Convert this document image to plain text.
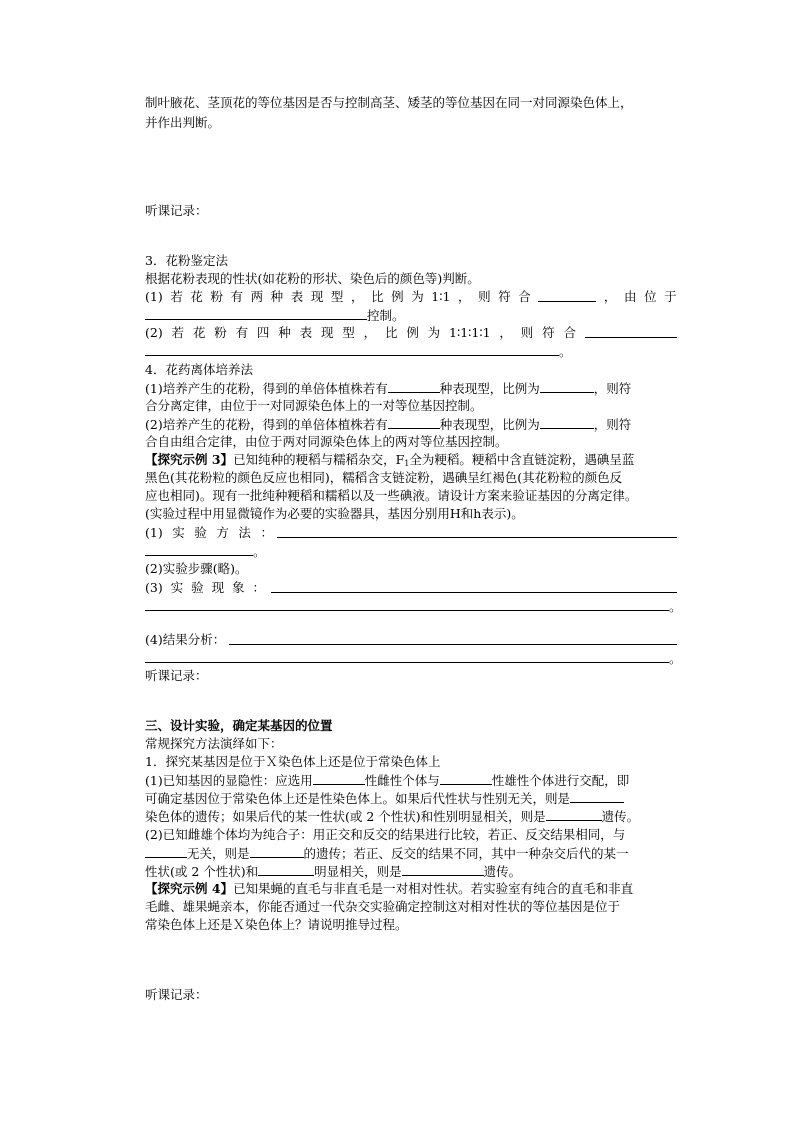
制叶腋花、茎顶花的等位基因是否与控制高茎、矮茎的等位基因在同一对同源染色体上，
并作出判断。
听课记录：
3．花粉鉴定法
根据花粉表现的性状(如花粉的形状、染色后的颜色等)判断。
(1) 若 花 粉 有 两 种 表 现 型 ， 比 例 为 1∶1 ， 则 符 合	， 由 位 于
控制。
(2) 若 花 粉 有 四 种 表 现 型 ， 比 例 为 1∶1∶1∶1 ， 则 符 合
。
4．花药离体培养法
(1)培养产生的花粉，得到的单倍体植株若有	种表现型，比例为	，则符
合分离定律，由位于一对同源染色体上的一对等位基因控制。
(2)培养产生的花粉，得到的单倍体植株若有	种表现型，比例为	，则符
合自由组合定律，由位于两对同源染色体上的两对等位基因控制。
【探究示例 3】已知纯种的粳稻与糯稻杂交，$F_1$全为粳稻。粳稻中含直链淀粉，遇碘呈蓝
黑色(其花粉粒的颜色反应也相同)，糯稻含支链淀粉，遇碘呈红褐色(其花粉粒的颜色反
应也相同)。现有一批纯种粳稻和糯稻以及一些碘液。请设计方案来验证基因的分离定律。
(实验过程中用显微镜作为必要的实验器具，基因分别用H和h表示)。
(1) 实 验 方 法 ：
。
(2)实验步骤(略)。
(3) 实 验 现 象 ：
。
(4)结果分析：
。
听课记录：
三、设计实验，确定某基因的位置
常规探究方法演绎如下：
1．探究某基因是位于Ｘ染色体上还是位于常染色体上
(1)已知基因的显隐性：应选用	性雌性个体与	性雄性个体进行交配，即
可确定基因位于常染色体上还是性染色体上。如果后代性状与性别无关，则是
染色体的遗传；如果后代的某一性状(或 2 个性状)和性别明显相关，则是	遗传。
(2)已知雌雄个体均为纯合子：用正交和反交的结果进行比较，若正、反交结果相同，与
无关，则是	的遗传；若正、反交的结果不同，其中一种杂交后代的某一
性状(或 2 个性状)和	明显相关，则是	遗传。
【探究示例 4】已知果蝇的直毛与非直毛是一对相对性状。若实验室有纯合的直毛和非直
毛雌、雄果蝇亲本，你能否通过一代杂交实验确定控制这对相对性状的等位基因是位于
常染色体上还是Ｘ染色体上？请说明推导过程。
听课记录：
